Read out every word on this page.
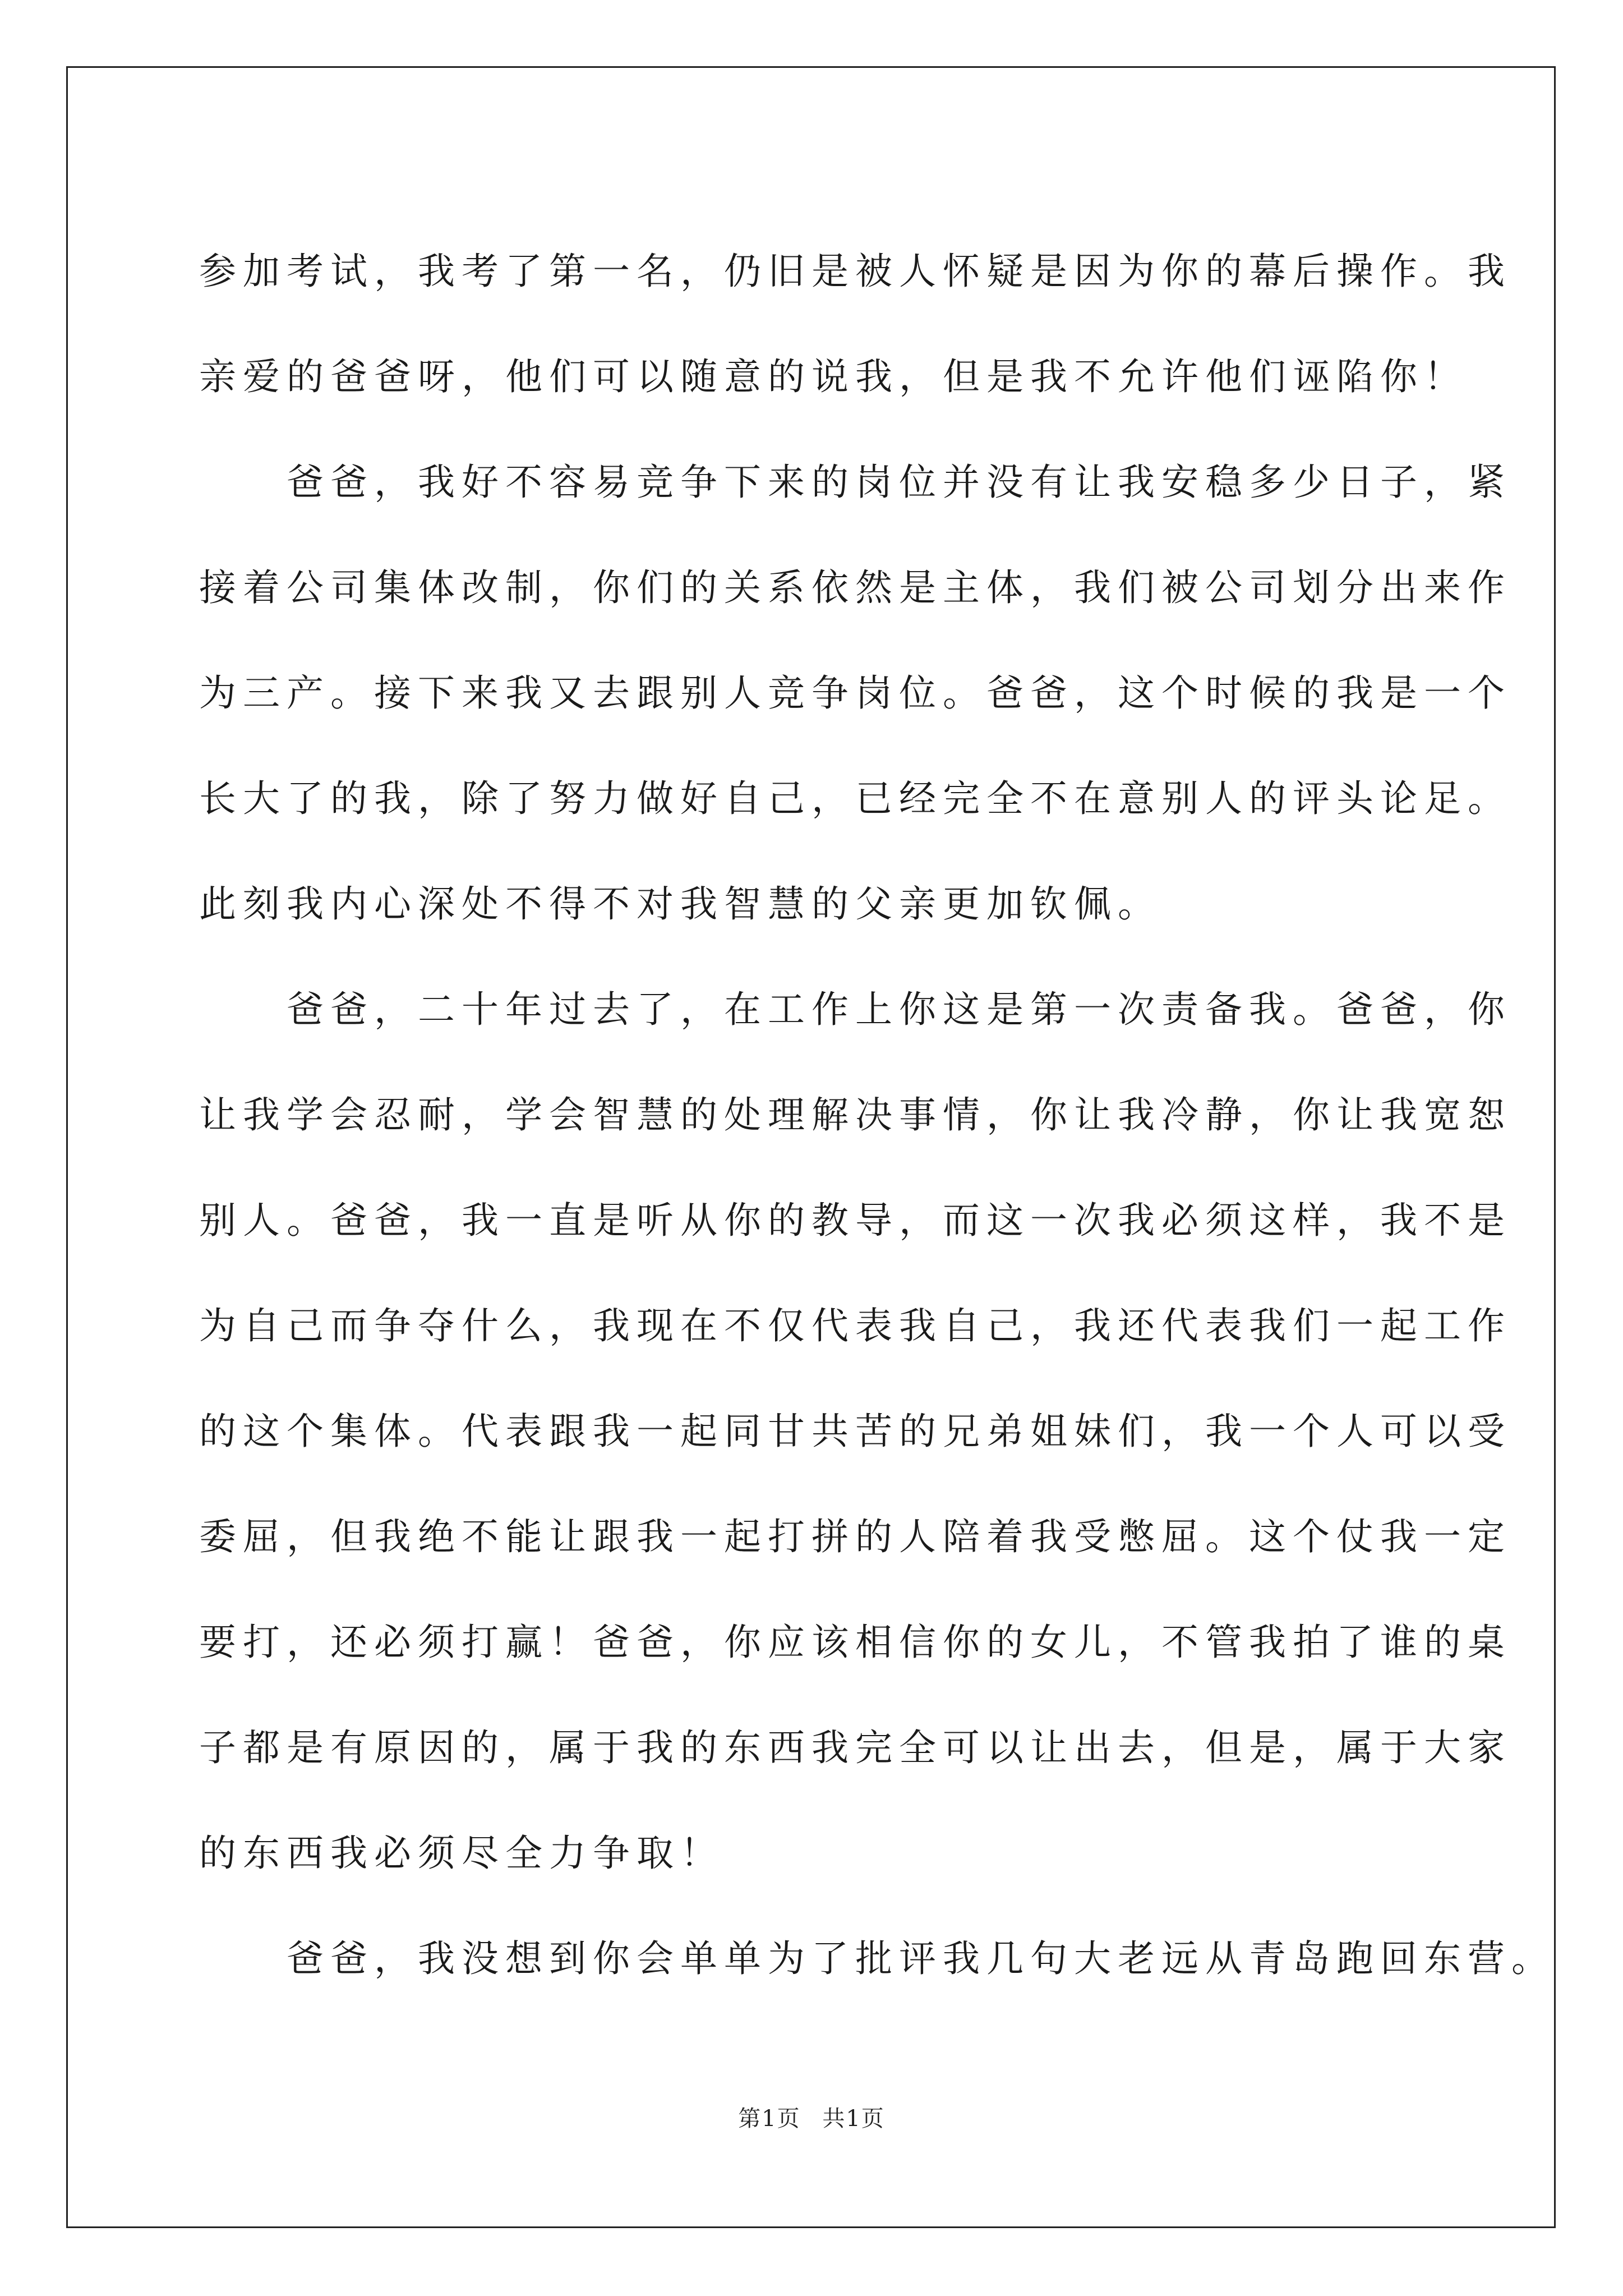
参加考试，我考了第一名，仍旧是被人怀疑是因为你的幕后操作。我
亲爱的爸爸呀，他们可以随意的说我，但是我不允许他们诬陷你！
　　爸爸，我好不容易竞争下来的岗位并没有让我安稳多少日子，紧
接着公司集体改制，你们的关系依然是主体，我们被公司划分出来作
为三产。接下来我又去跟别人竞争岗位。爸爸，这个时候的我是一个
长大了的我，除了努力做好自己，已经完全不在意别人的评头论足。
此刻我内心深处不得不对我智慧的父亲更加钦佩。
　　爸爸，二十年过去了，在工作上你这是第一次责备我。爸爸，你
让我学会忍耐，学会智慧的处理解决事情，你让我冷静，你让我宽恕
别人。爸爸，我一直是听从你的教导，而这一次我必须这样，我不是
为自己而争夺什么，我现在不仅代表我自己，我还代表我们一起工作
的这个集体。代表跟我一起同甘共苦的兄弟姐妹们，我一个人可以受
委屈，但我绝不能让跟我一起打拼的人陪着我受憋屈。这个仗我一定
要打，还必须打赢！爸爸，你应该相信你的女儿，不管我拍了谁的桌
子都是有原因的，属于我的东西我完全可以让出去，但是，属于大家
的东西我必须尽全力争取！
　　爸爸，我没想到你会单单为了批评我几句大老远从青岛跑回东营。
第1页 共1页
